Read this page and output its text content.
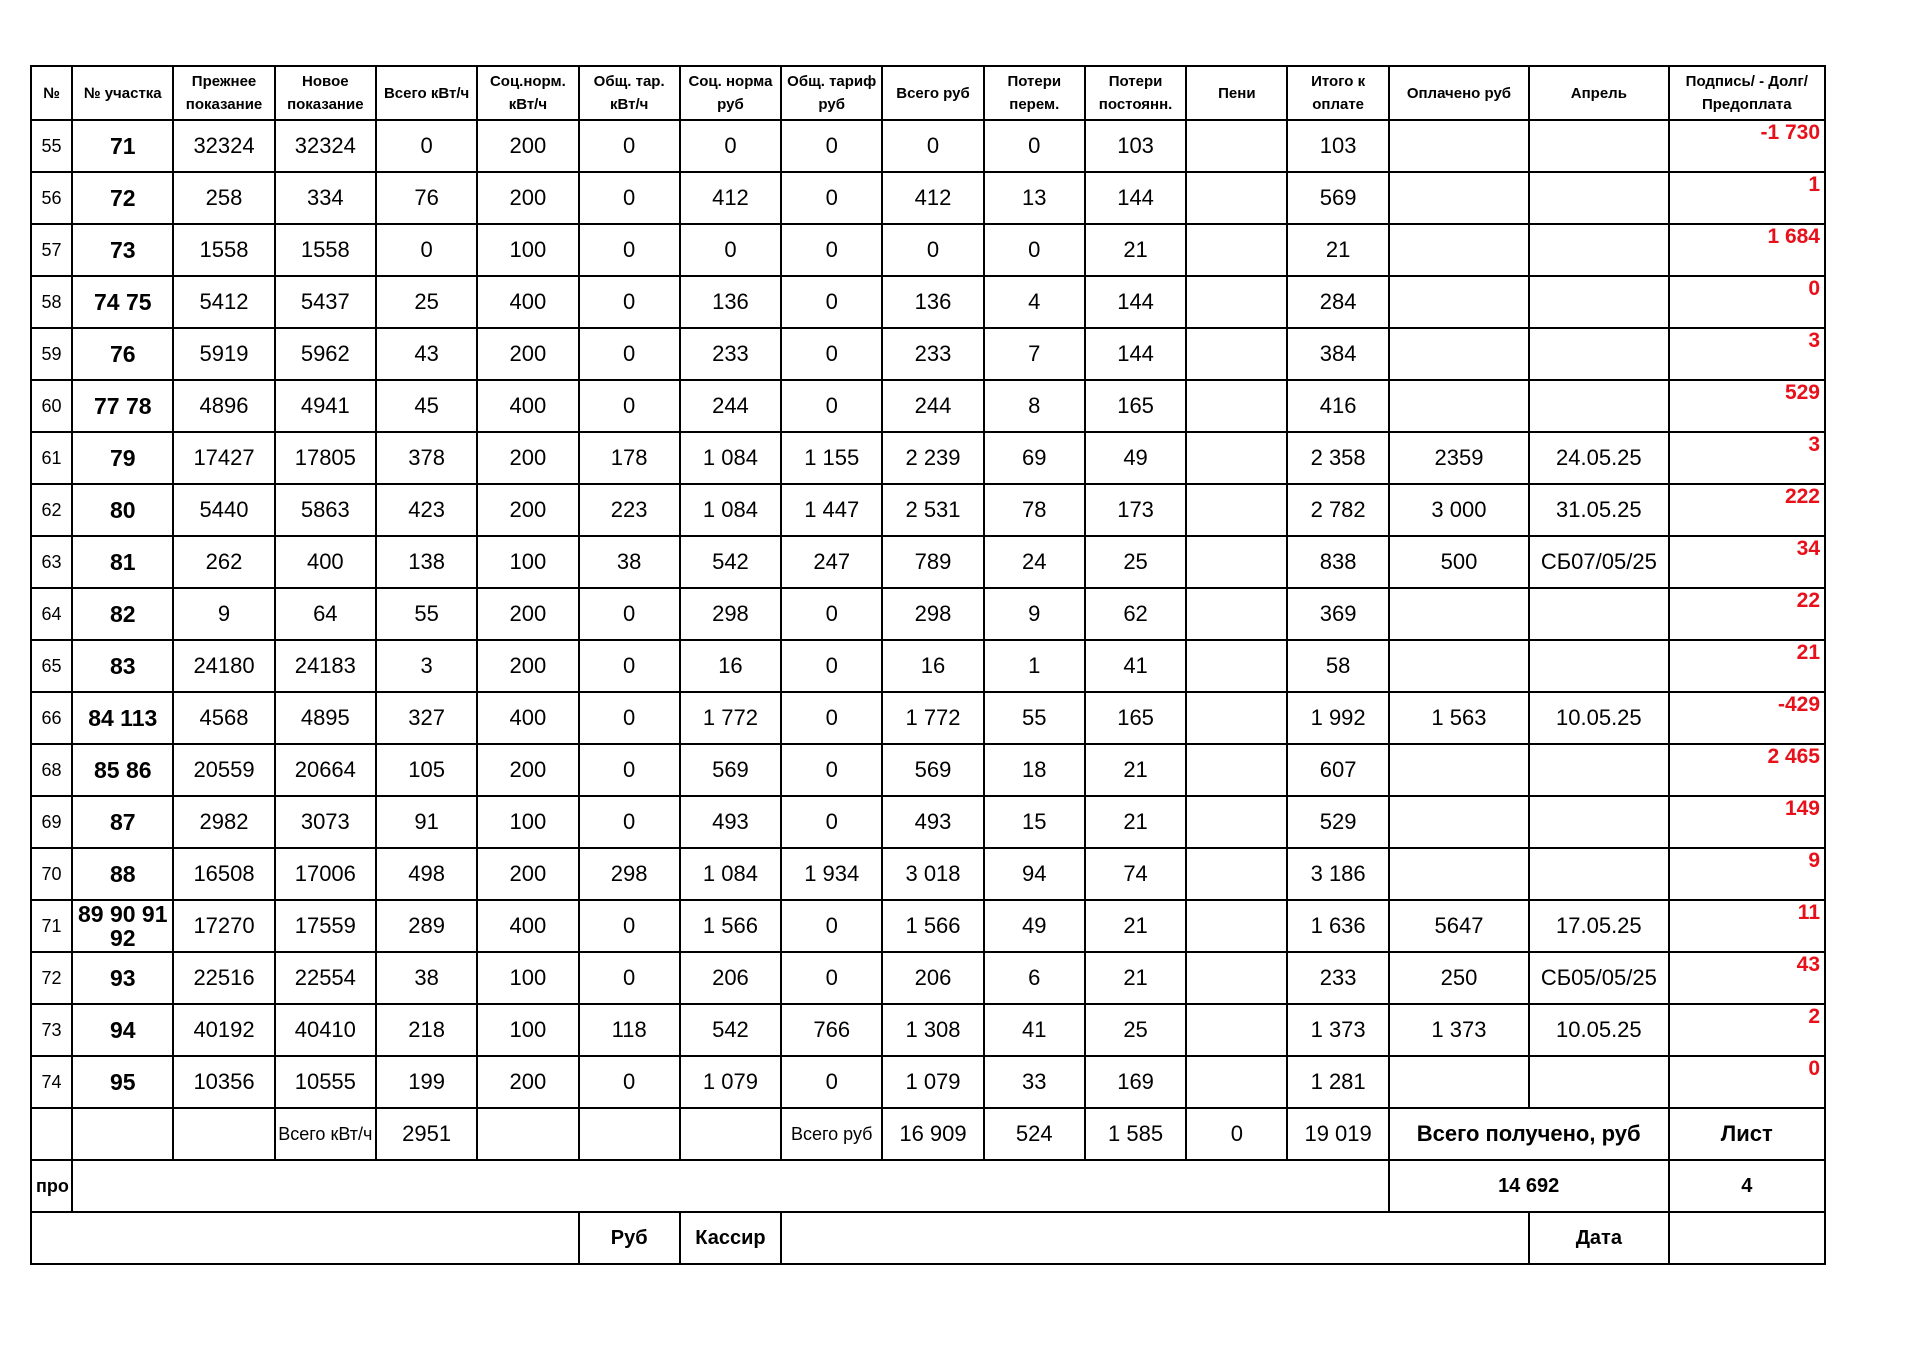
№	№ участка	Прежнее показание	Новое показание	Всего кВт/ч	Соц.норм. кВт/ч	Общ. тар. кВт/ч	Соц. норма руб	Общ. тариф руб	Всего руб	Потери перем.	Потери постоянн.	Пени	Итого к оплате	Оплачено руб	Апрель	Подпись/ - Долг/Предоплата
55	71	32324	32324	0	200	0	0	0	0	0	103		103			-1 730
56	72	258	334	76	200	0	412	0	412	13	144		569			1
57	73	1558	1558	0	100	0	0	0	0	0	21		21			1 684
58	74 75	5412	5437	25	400	0	136	0	136	4	144		284			0
59	76	5919	5962	43	200	0	233	0	233	7	144		384			3
60	77 78	4896	4941	45	400	0	244	0	244	8	165		416			529
61	79	17427	17805	378	200	178	1 084	1 155	2 239	69	49		2 358	2359	24.05.25	3
62	80	5440	5863	423	200	223	1 084	1 447	2 531	78	173		2 782	3 000	31.05.25	222
63	81	262	400	138	100	38	542	247	789	24	25		838	500	СБ07/05/25	34
64	82	9	64	55	200	0	298	0	298	9	62		369			22
65	83	24180	24183	3	200	0	16	0	16	1	41		58			21
66	84 113	4568	4895	327	400	0	1 772	0	1 772	55	165		1 992	1 563	10.05.25	-429
68	85 86	20559	20664	105	200	0	569	0	569	18	21		607			2 465
69	87	2982	3073	91	100	0	493	0	493	15	21		529			149
70	88	16508	17006	498	200	298	1 084	1 934	3 018	94	74		3 186			9
71	89 90 91 92	17270	17559	289	400	0	1 566	0	1 566	49	21		1 636	5647	17.05.25	11
72	93	22516	22554	38	100	0	206	0	206	6	21		233	250	СБ05/05/25	43
73	94	40192	40410	218	100	118	542	766	1 308	41	25		1 373	1 373	10.05.25	2
74	95	10356	10555	199	200	0	1 079	0	1 079	33	169		1 281			0
			Всего кВт/ч	2951				Всего руб	16 909	524	1 585	0	19 019	Всего получено, руб		Лист

про														14 692		4
						Руб	Кассир								Дата	
